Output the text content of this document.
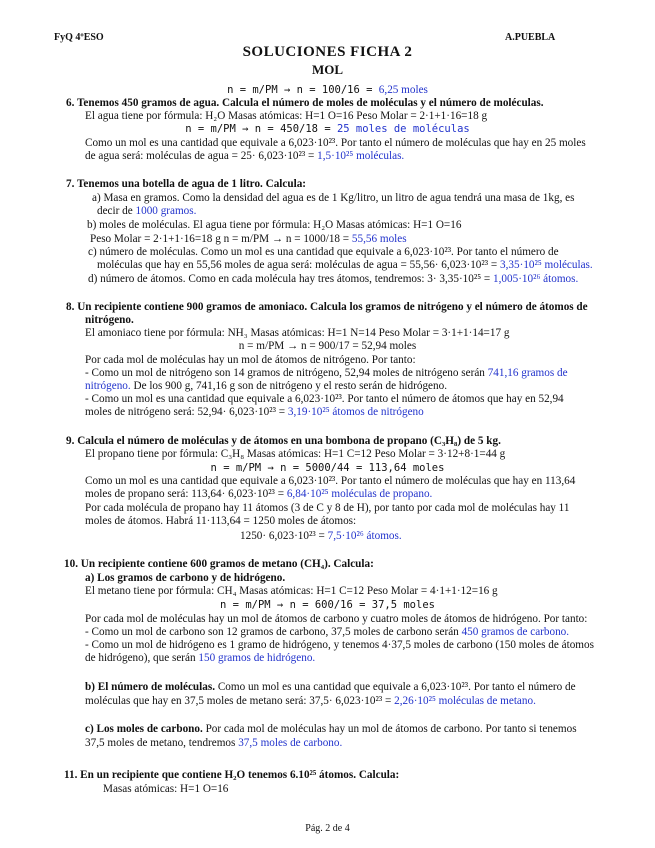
FyQ 4ºESO	A.PUEBLA
SOLUCIONES FICHA 2
MOL
n = m/PM → n = 100/16 = 6,25 moles
6. Tenemos 450 gramos de agua. Calcula el número de moles de moléculas y el número de moléculas.
El agua tiene por fórmula: H₂O Masas atómicas: H=1 O=16 Peso Molar = 2·1+1·16=18 g
n = m/PM → n = 450/18 = 25 moles de moléculas
Como un mol es una cantidad que equivale a 6,023·10²³. Por tanto el número de moléculas que hay en 25 moles
de agua será: moléculas de agua = 25· 6,023·10²³ = 1,5·10²⁵ moléculas.
7. Tenemos una botella de agua de 1 litro. Calcula:
a) Masa en gramos. Como la densidad del agua es de 1 Kg/litro, un litro de agua tendrá una masa de 1kg, es
decir de 1000 gramos.
b) moles de moléculas. El agua tiene por fórmula: H₂O Masas atómicas: H=1 O=16
Peso Molar = 2·1+1·16=18 g n = m/PM → n = 1000/18 = 55,56 moles
c) número de moléculas. Como un mol es una cantidad que equivale a 6,023·10²³. Por tanto el número de
moléculas que hay en 55,56 moles de agua será: moléculas de agua = 55,56· 6,023·10²³ = 3,35·10²⁵ moléculas.
d) número de átomos. Como en cada molécula hay tres átomos, tendremos: 3· 3,35·10²⁵ = 1,005·10²⁶ átomos.
8. Un recipiente contiene 900 gramos de amoniaco. Calcula los gramos de nitrógeno y el número de átomos de
nitrógeno.
El amoniaco tiene por fórmula: NH₃ Masas atómicas: H=1 N=14 Peso Molar = 3·1+1·14=17 g
n = m/PM → n = 900/17 = 52,94 moles
Por cada mol de moléculas hay un mol de átomos de nitrógeno. Por tanto:
- Como un mol de nitrógeno son 14 gramos de nitrógeno, 52,94 moles de nitrógeno serán 741,16 gramos de
nitrógeno. De los 900 g, 741,16 g son de nitrógeno y el resto serán de hidrógeno.
- Como un mol es una cantidad que equivale a 6,023·10²³. Por tanto el número de átomos que hay en 52,94
moles de nitrógeno será: 52,94· 6,023·10²³ = 3,19·10²⁵ átomos de nitrógeno
9. Calcula el número de moléculas y de átomos en una bombona de propano (C₃H₈) de 5 kg.
El propano tiene por fórmula: C₃H₈ Masas atómicas: H=1 C=12 Peso Molar = 3·12+8·1=44 g
n = m/PM → n = 5000/44 = 113,64 moles
Como un mol es una cantidad que equivale a 6,023·10²³. Por tanto el número de moléculas que hay en 113,64
moles de propano será: 113,64· 6,023·10²³ = 6,84·10²⁵ moléculas de propano.
Por cada molécula de propano hay 11 átomos (3 de C y 8 de H), por tanto por cada mol de moléculas hay 11
moles de átomos. Habrá 11·113,64 = 1250 moles de átomos:
1250· 6,023·10²³ = 7,5·10²⁶ átomos.
10. Un recipiente contiene 600 gramos de metano (CH₄). Calcula:
a) Los gramos de carbono y de hidrógeno.
El metano tiene por fórmula: CH₄ Masas atómicas: H=1 C=12 Peso Molar = 4·1+1·12=16 g
n = m/PM → n = 600/16 = 37,5 moles
Por cada mol de moléculas hay un mol de átomos de carbono y cuatro moles de átomos de hidrógeno. Por tanto:
- Como un mol de carbono son 12 gramos de carbono, 37,5 moles de carbono serán 450 gramos de carbono.
- Como un mol de hidrógeno es 1 gramo de hidrógeno, y tenemos 4·37,5 moles de carbono (150 moles de átomos
de hidrógeno), que serán 150 gramos de hidrógeno.
b) El número de moléculas. Como un mol es una cantidad que equivale a 6,023·10²³. Por tanto el número de
moléculas que hay en 37,5 moles de metano será: 37,5· 6,023·10²³ = 2,26·10²⁵ moléculas de metano.
c) Los moles de carbono. Por cada mol de moléculas hay un mol de átomos de carbono. Por tanto si tenemos
37,5 moles de metano, tendremos 37,5 moles de carbono.
11. En un recipiente que contiene H₂O tenemos 6.10²⁵ átomos. Calcula:
Masas atómicas: H=1 O=16
Pág. 2 de 4
